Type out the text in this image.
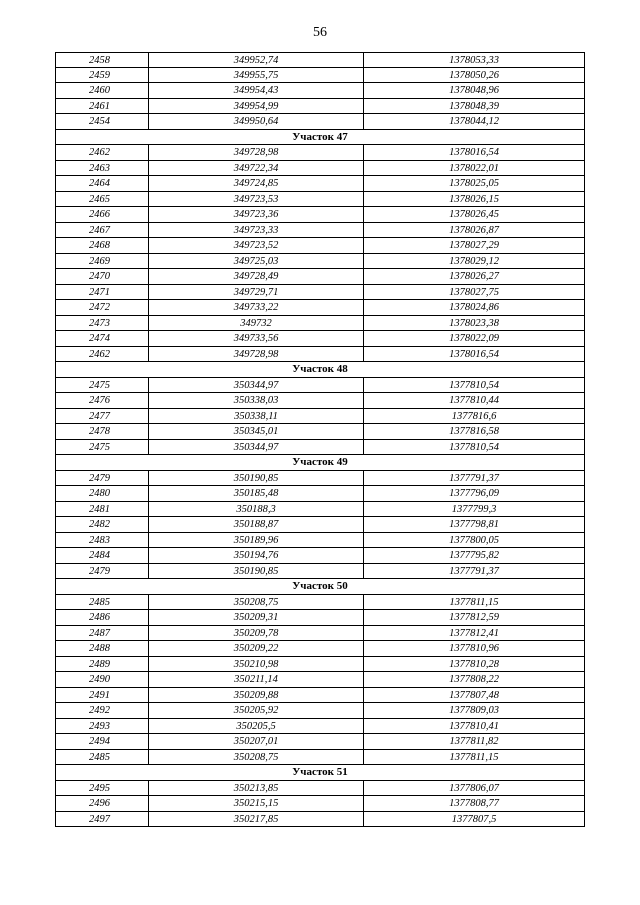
56
2458	349952,74	1378053,33
2459	349955,75	1378050,26
2460	349954,43	1378048,96
2461	349954,99	1378048,39
2454	349950,64	1378044,12
Участок 47
2462	349728,98	1378016,54
2463	349722,34	1378022,01
2464	349724,85	1378025,05
2465	349723,53	1378026,15
2466	349723,36	1378026,45
2467	349723,33	1378026,87
2468	349723,52	1378027,29
2469	349725,03	1378029,12
2470	349728,49	1378026,27
2471	349729,71	1378027,75
2472	349733,22	1378024,86
2473	349732	1378023,38
2474	349733,56	1378022,09
2462	349728,98	1378016,54
Участок 48
2475	350344,97	1377810,54
2476	350338,03	1377810,44
2477	350338,11	1377816,6
2478	350345,01	1377816,58
2475	350344,97	1377810,54
Участок 49
2479	350190,85	1377791,37
2480	350185,48	1377796,09
2481	350188,3	1377799,3
2482	350188,87	1377798,81
2483	350189,96	1377800,05
2484	350194,76	1377795,82
2479	350190,85	1377791,37
Участок 50
2485	350208,75	1377811,15
2486	350209,31	1377812,59
2487	350209,78	1377812,41
2488	350209,22	1377810,96
2489	350210,98	1377810,28
2490	350211,14	1377808,22
2491	350209,88	1377807,48
2492	350205,92	1377809,03
2493	350205,5	1377810,41
2494	350207,01	1377811,82
2485	350208,75	1377811,15
Участок 51
2495	350213,85	1377806,07
2496	350215,15	1377808,77
2497	350217,85	1377807,5
